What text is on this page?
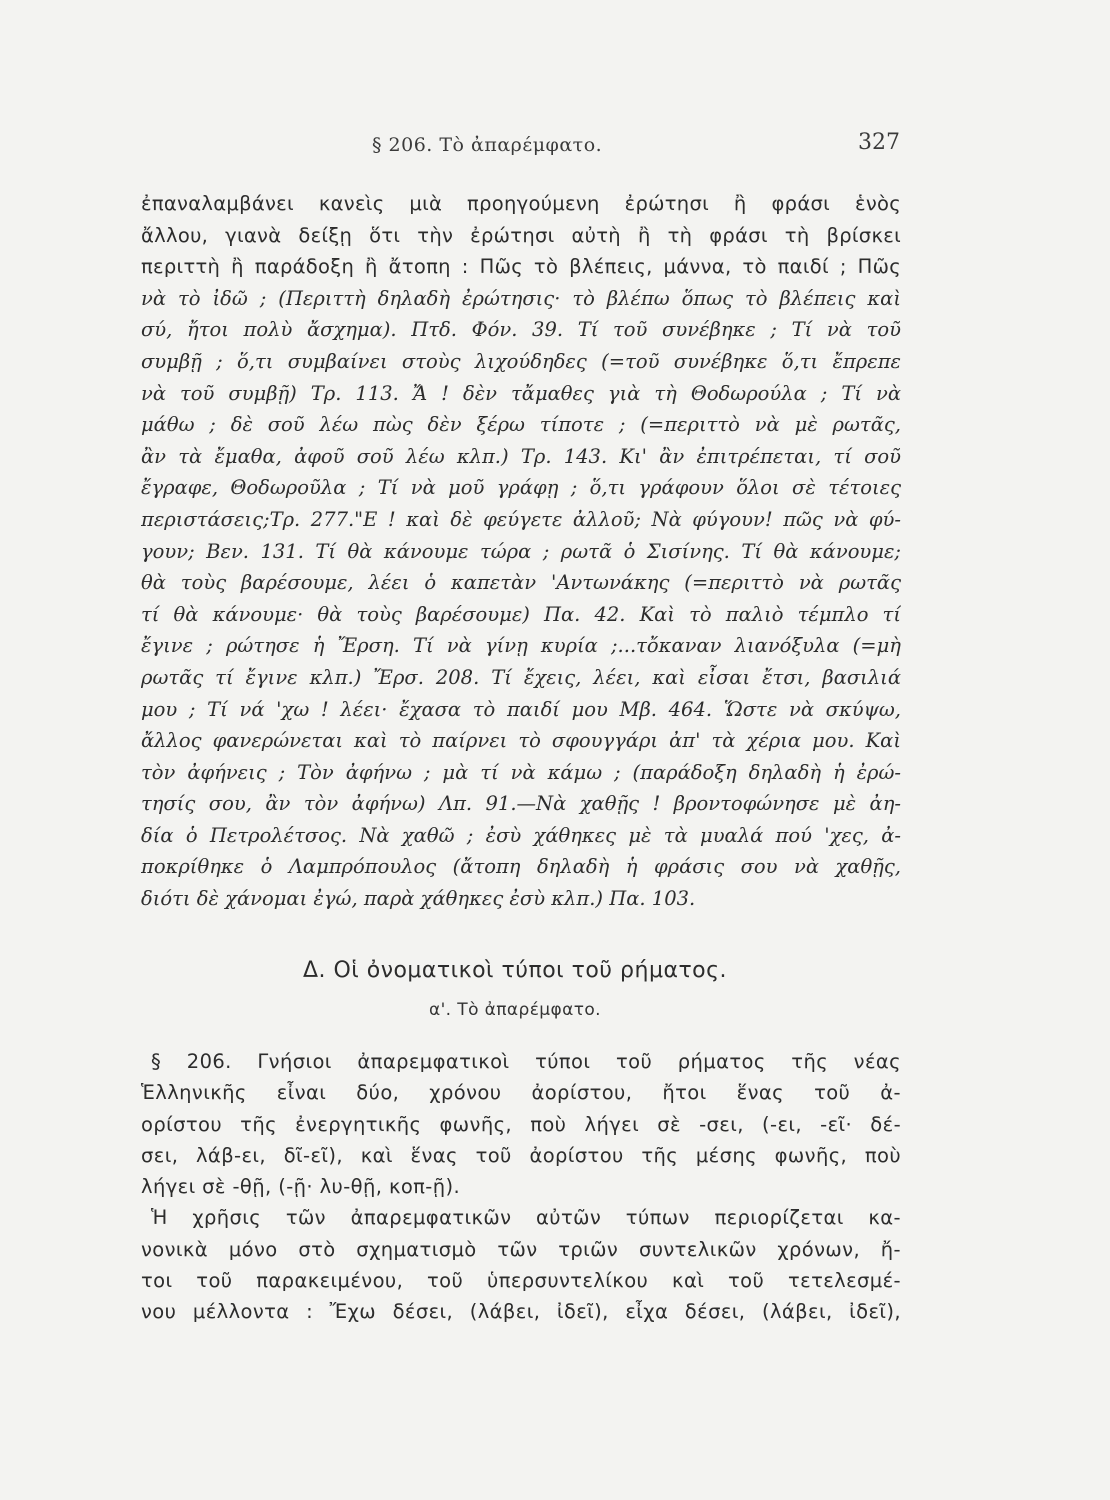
§ 206. Τὸ ἀπαρέμφατο.	327
ἐπαναλαμβάνει κανεὶς μιὰ προηγούμενη ἐρώτησι ἢ φράσι ἑνὸς
ἄλλου, γιανὰ δείξῃ ὅτι τὴν ἐρώτησι αὐτὴ ἢ τὴ φράσι τὴ βρίσκει
περιττὴ ἢ παράδοξη ἢ ἄτοπη : Πῶς τὸ βλέπεις, μάννα, τὸ παιδί ; Πῶς
νὰ τὸ ἰδῶ ; (Περιττὴ δηλαδὴ ἐρώτησις· τὸ βλέπω ὅπως τὸ βλέπεις καὶ
σύ, ἤτοι πολὺ ἄσχημα). Πτδ. Φόν. 39. Τί τοῦ συνέβηκε ; Τί νὰ τοῦ
συμβῇ ; ὅ,τι συμβαίνει στοὺς λιχούδηδες (=τοῦ συνέβηκε ὅ,τι ἔπρεπε
νὰ τοῦ συμβῇ) Τρ. 113. Ἄ ! δὲν τἄμαθες γιὰ τὴ Θοδωρούλα ; Τί νὰ
μάθω ; δὲ σοῦ λέω πὼς δὲν ξέρω τίποτε ; (=περιττὸ νὰ μὲ ρωτᾶς,
ἂν τὰ ἔμαθα, ἀφοῦ σοῦ λέω κλπ.) Τρ. 143. Κι' ἂν ἐπιτρέπεται, τί σοῦ
ἔγραφε, Θοδωροῦλα ; Τί νὰ μοῦ γράφῃ ; ὅ,τι γράφουν ὅλοι σὲ τέτοιες
περιστάσεις;Τρ. 277."Ε ! καὶ δὲ φεύγετε ἀλλοῦ; Νὰ φύγουν! πῶς νὰ φύ-
γουν; Βεν. 131. Τί θὰ κάνουμε τώρα ; ρωτᾶ ὁ Σισίνης. Τί θὰ κάνουμε;
θὰ τοὺς βαρέσουμε, λέει ὁ καπετὰν 'Αντωνάκης (=περιττὸ νὰ ρωτᾶς
τί θὰ κάνουμε· θὰ τοὺς βαρέσουμε) Πα. 42. Καὶ τὸ παλιὸ τέμπλο τί
ἔγινε ; ρώτησε ἡ Ἔρση. Τί νὰ γίνῃ κυρία ;...τὄκαναν λιανόξυλα (=μὴ
ρωτᾶς τί ἔγινε κλπ.) Ἔρσ. 208. Τί ἔχεις, λέει, καὶ εἶσαι ἔτσι, βασιλιά
μου ; Τί νά 'χω ! λέει· ἔχασα τὸ παιδί μου Μβ. 464. Ὥστε νὰ σκύψω,
ἄλλος φανερώνεται καὶ τὸ παίρνει τὸ σφουγγάρι ἀπ' τὰ χέρια μου. Καὶ
τὸν ἀφήνεις ; Τὸν ἀφήνω ; μὰ τί νὰ κάμω ; (παράδοξη δηλαδὴ ἡ ἐρώ-
τησίς σου, ἂν τὸν ἀφήνω) Λπ. 91.—Νὰ χαθῇς ! βροντοφώνησε μὲ ἀη-
δία ὁ Πετρολέτσος. Νὰ χαθῶ ; ἐσὺ χάθηκες μὲ τὰ μυαλά πού 'χες, ἀ-
ποκρίθηκε ὁ Λαμπρόπουλος (ἄτοπη δηλαδὴ ἡ φράσις σου νὰ χαθῇς,
διότι δὲ χάνομαι ἐγώ, παρὰ χάθηκες ἐσὺ κλπ.) Πα. 103.
Δ. Οἱ ὀνοματικοὶ τύποι τοῦ ρήματος.
α'. Τὸ ἀπαρέμφατο.
§ 206. Γνήσιοι ἀπαρεμφατικοὶ τύποι τοῦ ρήματος τῆς νέας
Ἑλληνικῆς εἶναι δύο, χρόνου ἀορίστου, ἤτοι ἕνας τοῦ ἀ-
ορίστου τῆς ἐνεργητικῆς φωνῆς, ποὺ λήγει σὲ -σει, (-ει, -εῖ· δέ-
σει, λάβ-ει, δῖ-εῖ), καὶ ἕνας τοῦ ἀορίστου τῆς μέσης φωνῆς, ποὺ
λήγει σὲ -θῇ, (-ῇ· λυ-θῇ, κοπ-ῇ).
Ἡ χρῆσις τῶν ἀπαρεμφατικῶν αὐτῶν τύπων περιορίζεται κα-
νονικὰ μόνο στὸ σχηματισμὸ τῶν τριῶν συντελικῶν χρόνων, ἤ-
τοι τοῦ παρακειμένου, τοῦ ὑπερσυντελίκου καὶ τοῦ τετελεσμέ-
νου μέλλοντα : Ἔχω δέσει, (λάβει, ἰδεῖ), εἶχα δέσει, (λάβει, ἰδεῖ),
